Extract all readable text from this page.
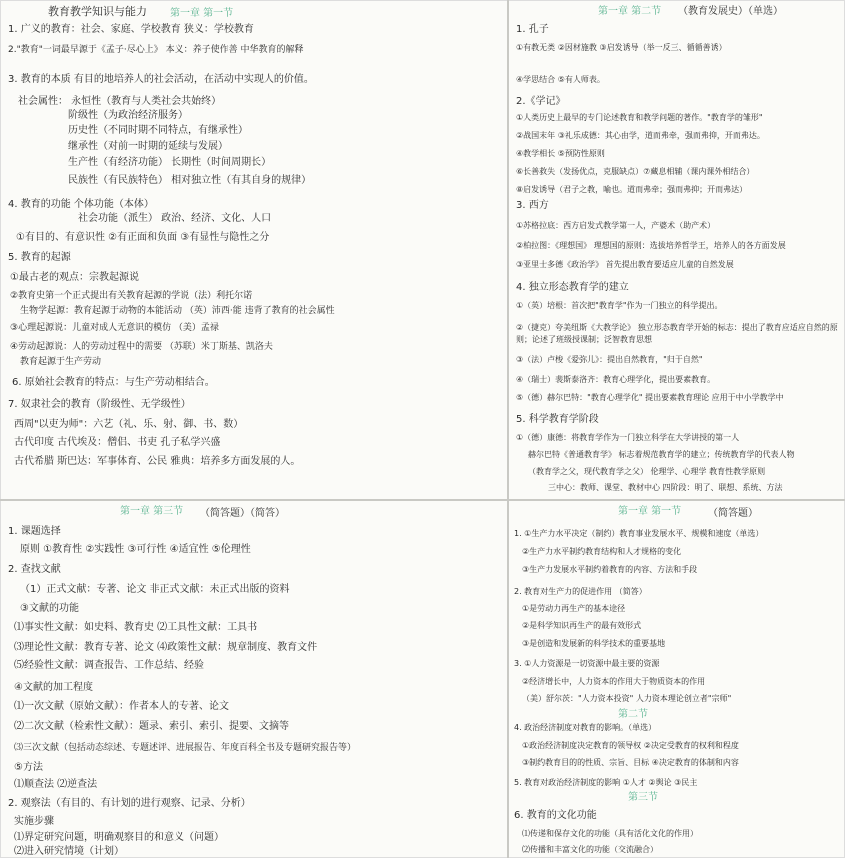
教育教学知识与能力 第一章 第一节
1. 广义的教育：社会、家庭、学校教育 狭义：学校教育
2."教育"一词最早源于《孟子·尽心上》 本义：养子使作善 中华教育的解释
3. 教育的本质 有目的地培养人的社会活动，在活动中实现人的价值。
社会属性： 永恒性（教育与人类社会共始终）
阶级性（为政治经济服务）
历史性（不同时期不同特点，有继承性）
继承性（对前一时期的延续与发展）
生产性（有经济功能） 长期性（时间周期长）
民族性（有民族特色） 相对独立性（有其自身的规律）
4. 教育的功能 个体功能（本体）
社会功能（派生） 政治、经济、文化、人口
①有目的、有意识性 ②有正面和负面 ③有显性与隐性之分
5. 教育的起源
①最古老的观点：宗教起源说
②教育史第一个正式提出有关教育起源的学说（法）利托尔诺
生物学起源：教育起源于动物的本能活动 （英）沛西·能 违背了教育的社会属性
③心理起源说：儿童对成人无意识的模仿 （美）孟禄
④劳动起源说：人的劳动过程中的需要 （苏联）米丁斯基、凯洛夫
教育起源于生产劳动
6. 原始社会教育的特点：与生产劳动相结合。
7. 奴隶社会的教育（阶级性、无学级性）
西周"以吏为师"：六艺（礼、乐、射、御、书、数）
古代印度 古代埃及：僧侣、书吏 孔子私学兴盛
古代希腊 斯巴达：军事体育、公民 雅典：培养多方面发展的人。
第一章 第二节 （教育发展史）（单选）
1. 孔子
①有教无类 ②因材施教 ③启发诱导（举一反三、循循善诱）
④学思结合 ⑤有人师表。
2.《学记》
①人类历史上最早的专门论述教育和教学问题的著作。"教育学的雏形"
②战国末年 ③礼乐成德：其心由学，道而弗牵，强而弗抑，开而弗达。
④教学相长 ⑤预防性原则
⑥长善救失（发扬优点，克服缺点）⑦藏息相辅（课内课外相结合）
⑧启发诱导（君子之教，喻也。道而弗牵；强而弗抑；开而弗达）
3. 西方
①苏格拉底：西方启发式教学第一人，产婆术（助产术）
②柏拉图：《理想国》 理想国的原则：选拔培养哲学王，培养人的各方面发展
③亚里士多德《政治学》 首先提出教育要适应儿童的自然发展
4. 独立形态教育学的建立
①（英）培根：首次把"教育学"作为一门独立的科学提出。
②（捷克）夸美纽斯《大教学论》 独立形态教育学开始的标志：提出了教育应适应自然的原则；论述了班级授课制；泛智教育思想
③（法）卢梭《爱弥儿》：提出自然教育，"归于自然"
④（瑞士）裴斯泰洛齐：教育心理学化，提出要素教育。
⑤（德）赫尔巴特："教育心理学化" 提出要素教育理论 应用于中小学教学中
5. 科学教育学阶段
①（德）康德：将教育学作为一门独立科学在大学讲授的第一人
赫尔巴特《普通教育学》 标志着规范教育学的建立；传统教育学的代表人物
（教育学之父，现代教育学之父） 伦理学、心理学 教育性教学原则
三中心：教师、课堂、教材中心 四阶段：明了、联想、系统、方法
第一章 第三节 （简答题）（简答）
1. 课题选择
原则 ①教育性 ②实践性 ③可行性 ④适宜性 ⑤伦理性
2. 查找文献
（1）正式文献：专著、论文 非正式文献：未正式出版的资料
③文献的功能
⑴事实性文献：如史料、教育史 ⑵工具性文献：工具书
⑶理论性文献：教育专著、论文 ⑷政策性文献：规章制度、教育文件
⑸经验性文献：调查报告、工作总结、经验
④文献的加工程度
⑴一次文献（原始文献）：作者本人的专著、论文
⑵二次文献（检索性文献）：题录、索引、索引、提要、文摘等
⑶三次文献（包括动态综述、专题述评、进展报告、年度百科全书及专题研究报告等）
⑤方法
⑴顺查法 ⑵逆查法
2. 观察法（有目的、有计划的进行观察、记录、分析）
实施步骤
⑴界定研究问题，明确观察目的和意义（问题）
⑵进入研究情境（计划）
第一章 第一节	（简答题）
1. ①生产力水平决定（制约）教育事业发展水平、规模和速度（单选）
②生产力水平制约教育结构和人才规格的变化
③生产力发展水平制约着教育的内容、方法和手段
2. 教育对生产力的促进作用 （简答）
①是劳动力再生产的基本途径
②是科学知识再生产的最有效形式
③是创造和发展新的科学技术的重要基地
3. ①人力资源是一切资源中最主要的资源
②经济增长中，人力资本的作用大于物质资本的作用
（美）舒尔茨："人力资本投资" 人力资本理论创立者"宗师"
第二节
4. 政治经济制度对教育的影响。（单选）
①政治经济制度决定教育的领导权 ②决定受教育的权利和程度
③制约教育目的的性质、宗旨、目标 ④决定教育的体制和内容
5. 教育对政治经济制度的影响 ①人才 ②舆论 ③民主
第三节
6. 教育的文化功能
⑴传递和保存文化的功能（具有活化文化的作用）
⑵传播和丰富文化的功能（交流融合）
